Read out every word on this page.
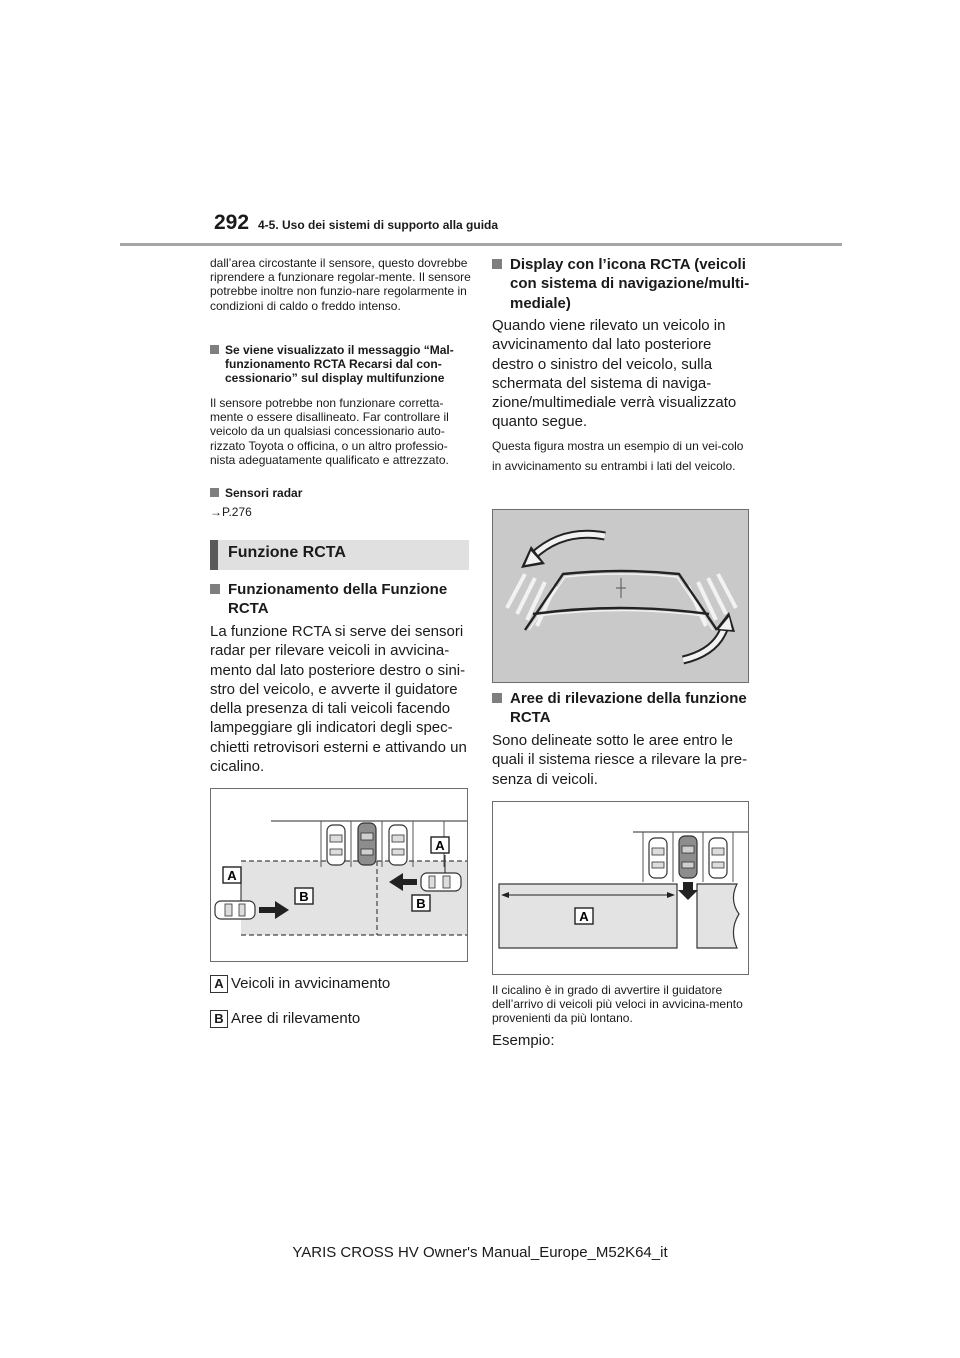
292 4-5. Uso dei sistemi di supporto alla guida
dall’area circostante il sensore, questo dovrebbe riprendere a funzionare regolar-mente. Il sensore potrebbe inoltre non funzio-nare regolarmente in condizioni di caldo o freddo intenso.
Se viene visualizzato il messaggio “Mal-funzionamento RCTA Recarsi dal con-cessionario” sul display multifunzione
Il sensore potrebbe non funzionare corretta-mente o essere disallineato. Far controllare il veicolo da un qualsiasi concessionario auto-rizzato Toyota o officina, o un altro professio-nista adeguatamente qualificato e attrezzato.
Sensori radar
→P.276
Funzione RCTA
Funzionamento della Funzione RCTA
La funzione RCTA si serve dei sensori radar per rilevare veicoli in avvicina-mento dal lato posteriore destro o sini-stro del veicolo, e avverte il guidatore della presenza di tali veicoli facendo lampeggiare gli indicatori degli spec-chietti retrovisori esterni e attivando un cicalino.
A
A
B	B
A Veicoli in avvicinamento
B Aree di rilevamento
Display con l’icona RCTA (veicoli con sistema di navigazione/multi-mediale)
Quando viene rilevato un veicolo in avvicinamento dal lato posteriore destro o sinistro del veicolo, sulla schermata del sistema di naviga-zione/multimediale verrà visualizzato quanto segue.
Questa figura mostra un esempio di un vei-colo in avvicinamento su entrambi i lati del veicolo.
Aree di rilevazione della funzione RCTA
Sono delineate sotto le aree entro le quali il sistema riesce a rilevare la pre-senza di veicoli.
A
Il cicalino è in grado di avvertire il guidatore dell’arrivo di veicoli più veloci in avvicina-mento provenienti da più lontano.
Esempio:
YARIS CROSS HV Owner's Manual_Europe_M52K64_it
